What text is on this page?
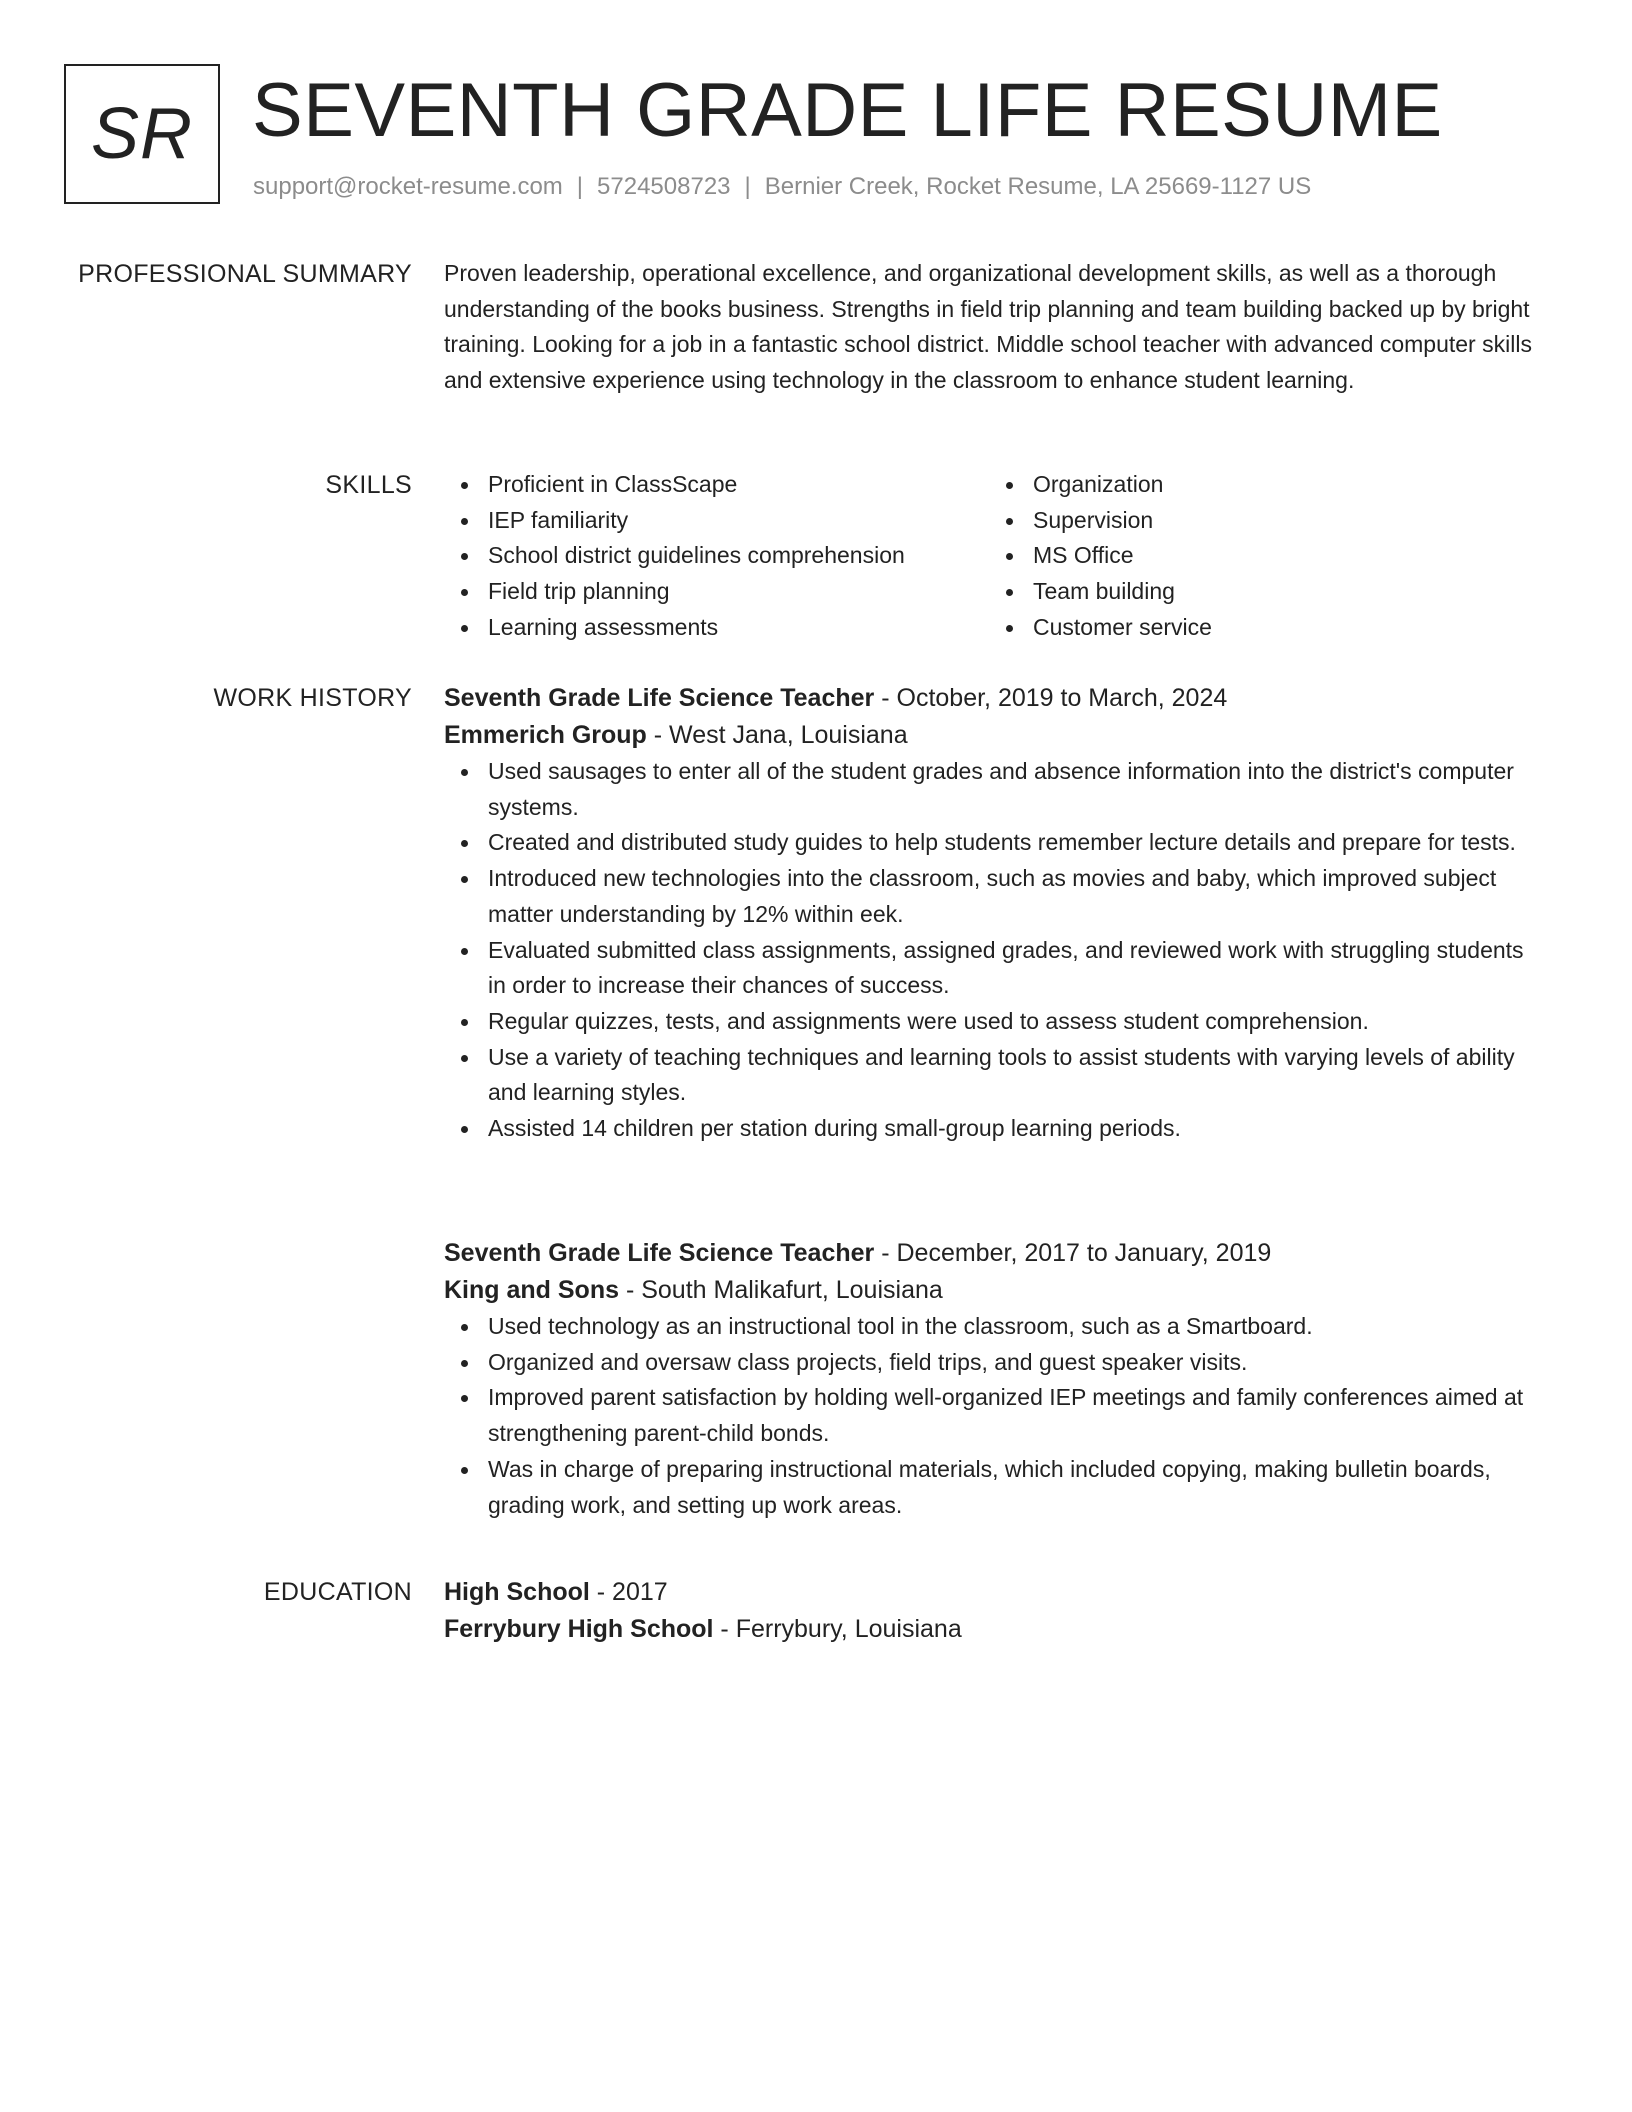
SR SEVENTH GRADE LIFE RESUME
support@rocket-resume.com | 5724508723 | Bernier Creek, Rocket Resume, LA 25669-1127 US
PROFESSIONAL SUMMARY Proven leadership, operational excellence, and organizational development skills, as well as a thorough understanding of the books business. Strengths in field trip planning and team building backed up by bright training. Looking for a job in a fantastic school district. Middle school teacher with advanced computer skills and extensive experience using technology in the classroom to enhance student learning.

SKILLS	Proficient in ClassScape
IEP familiarity
School district guidelines comprehension
Field trip planning
Learning assessments
Organization
Supervision
MS Office
Team building
Customer service
WORK HISTORY Seventh Grade Life Science Teacher - October, 2019 to March, 2024
Emmerich Group - West Jana, Louisiana
Used sausages to enter all of the student grades and absence information into the district's computer systems.
Created and distributed study guides to help students remember lecture details and prepare for tests.
Introduced new technologies into the classroom, such as movies and baby, which improved subject matter understanding by 12% within eek.
Evaluated submitted class assignments, assigned grades, and reviewed work with struggling students in order to increase their chances of success.
Regular quizzes, tests, and assignments were used to assess student comprehension.
Use a variety of teaching techniques and learning tools to assist students with varying levels of ability and learning styles.
Assisted 14 children per station during small-group learning periods.
Seventh Grade Life Science Teacher - December, 2017 to January, 2019
King and Sons - South Malikafurt, Louisiana
Used technology as an instructional tool in the classroom, such as a Smartboard.
Organized and oversaw class projects, field trips, and guest speaker visits.
Improved parent satisfaction by holding well-organized IEP meetings and family conferences aimed at strengthening parent-child bonds.
Was in charge of preparing instructional materials, which included copying, making bulletin boards, grading work, and setting up work areas.
EDUCATION High School - 2017
Ferrybury High School - Ferrybury, Louisiana
